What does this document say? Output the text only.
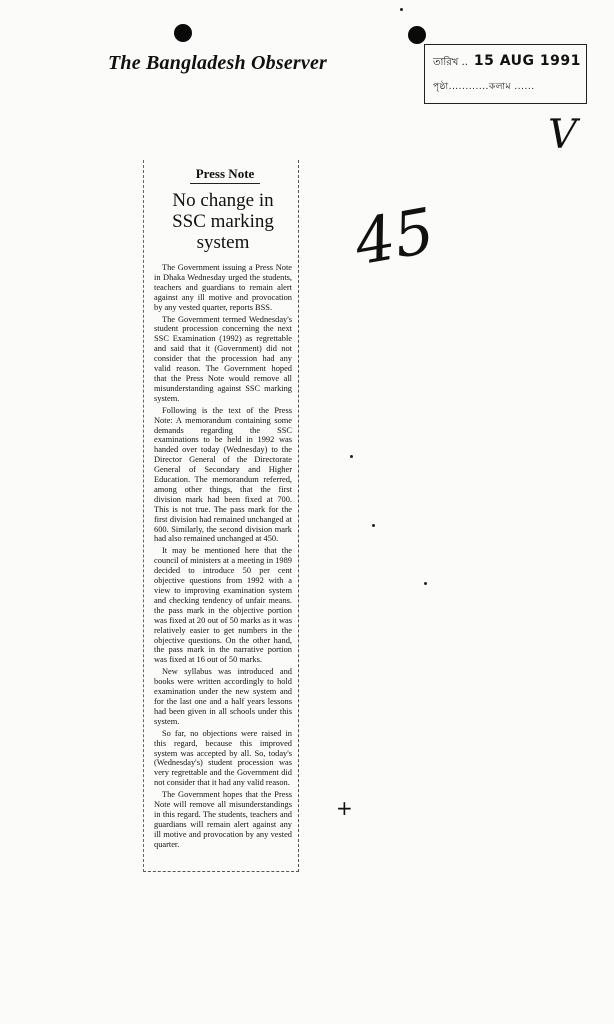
The Bangladesh Observer	তারিখ .. 15 AUG 1991
পৃষ্ঠা............কলাম ......
V
45
+
Press Note
No change in SSC marking system

The Government issuing a Press Note in Dhaka Wednesday urged the students, teachers and guardians to remain alert against any ill motive and provocation by any vested quarter, reports BSS.

The Government termed Wednesday's student procession concerning the next SSC Examination (1992) as regrettable and said that it (Government) did not consider that the procession had any valid reason. The Government hoped that the Press Note would remove all misunderstanding against SSC marking system.

Following is the text of the Press Note: A memorandum containing some demands regarding the SSC examinations to be held in 1992 was handed over today (Wednesday) to the Director General of the Directorate General of Secondary and Higher Education. The memorandum referred, among other things, that the first division mark had been fixed at 700. This is not true. The pass mark for the first division had remained unchanged at 600. Similarly, the second division mark had also remained unchanged at 450.

It may be mentioned here that the council of ministers at a meeting in 1989 decided to introduce 50 per cent objective questions from 1992 with a view to improving examination system and checking tendency of unfair means. the pass mark in the objective portion was fixed at 20 out of 50 marks as it was relatively easier to get numbers in the objective questions. On the other hand, the pass mark in the narrative portion was fixed at 16 out of 50 marks.

New syllabus was introduced and books were written accordingly to hold examination under the new system and for the last one and a half years lessons had been given in all schools under this system.

So far, no objections were raised in this regard, because this improved system was accepted by all. So, today's (Wednesday's) student procession was very regrettable and the Government did not consider that it had any valid reason.

The Government hopes that the Press Note will remove all misunderstandings in this regard. The students, teachers and guardians will remain alert against any ill motive and provocation by any vested quarter.
